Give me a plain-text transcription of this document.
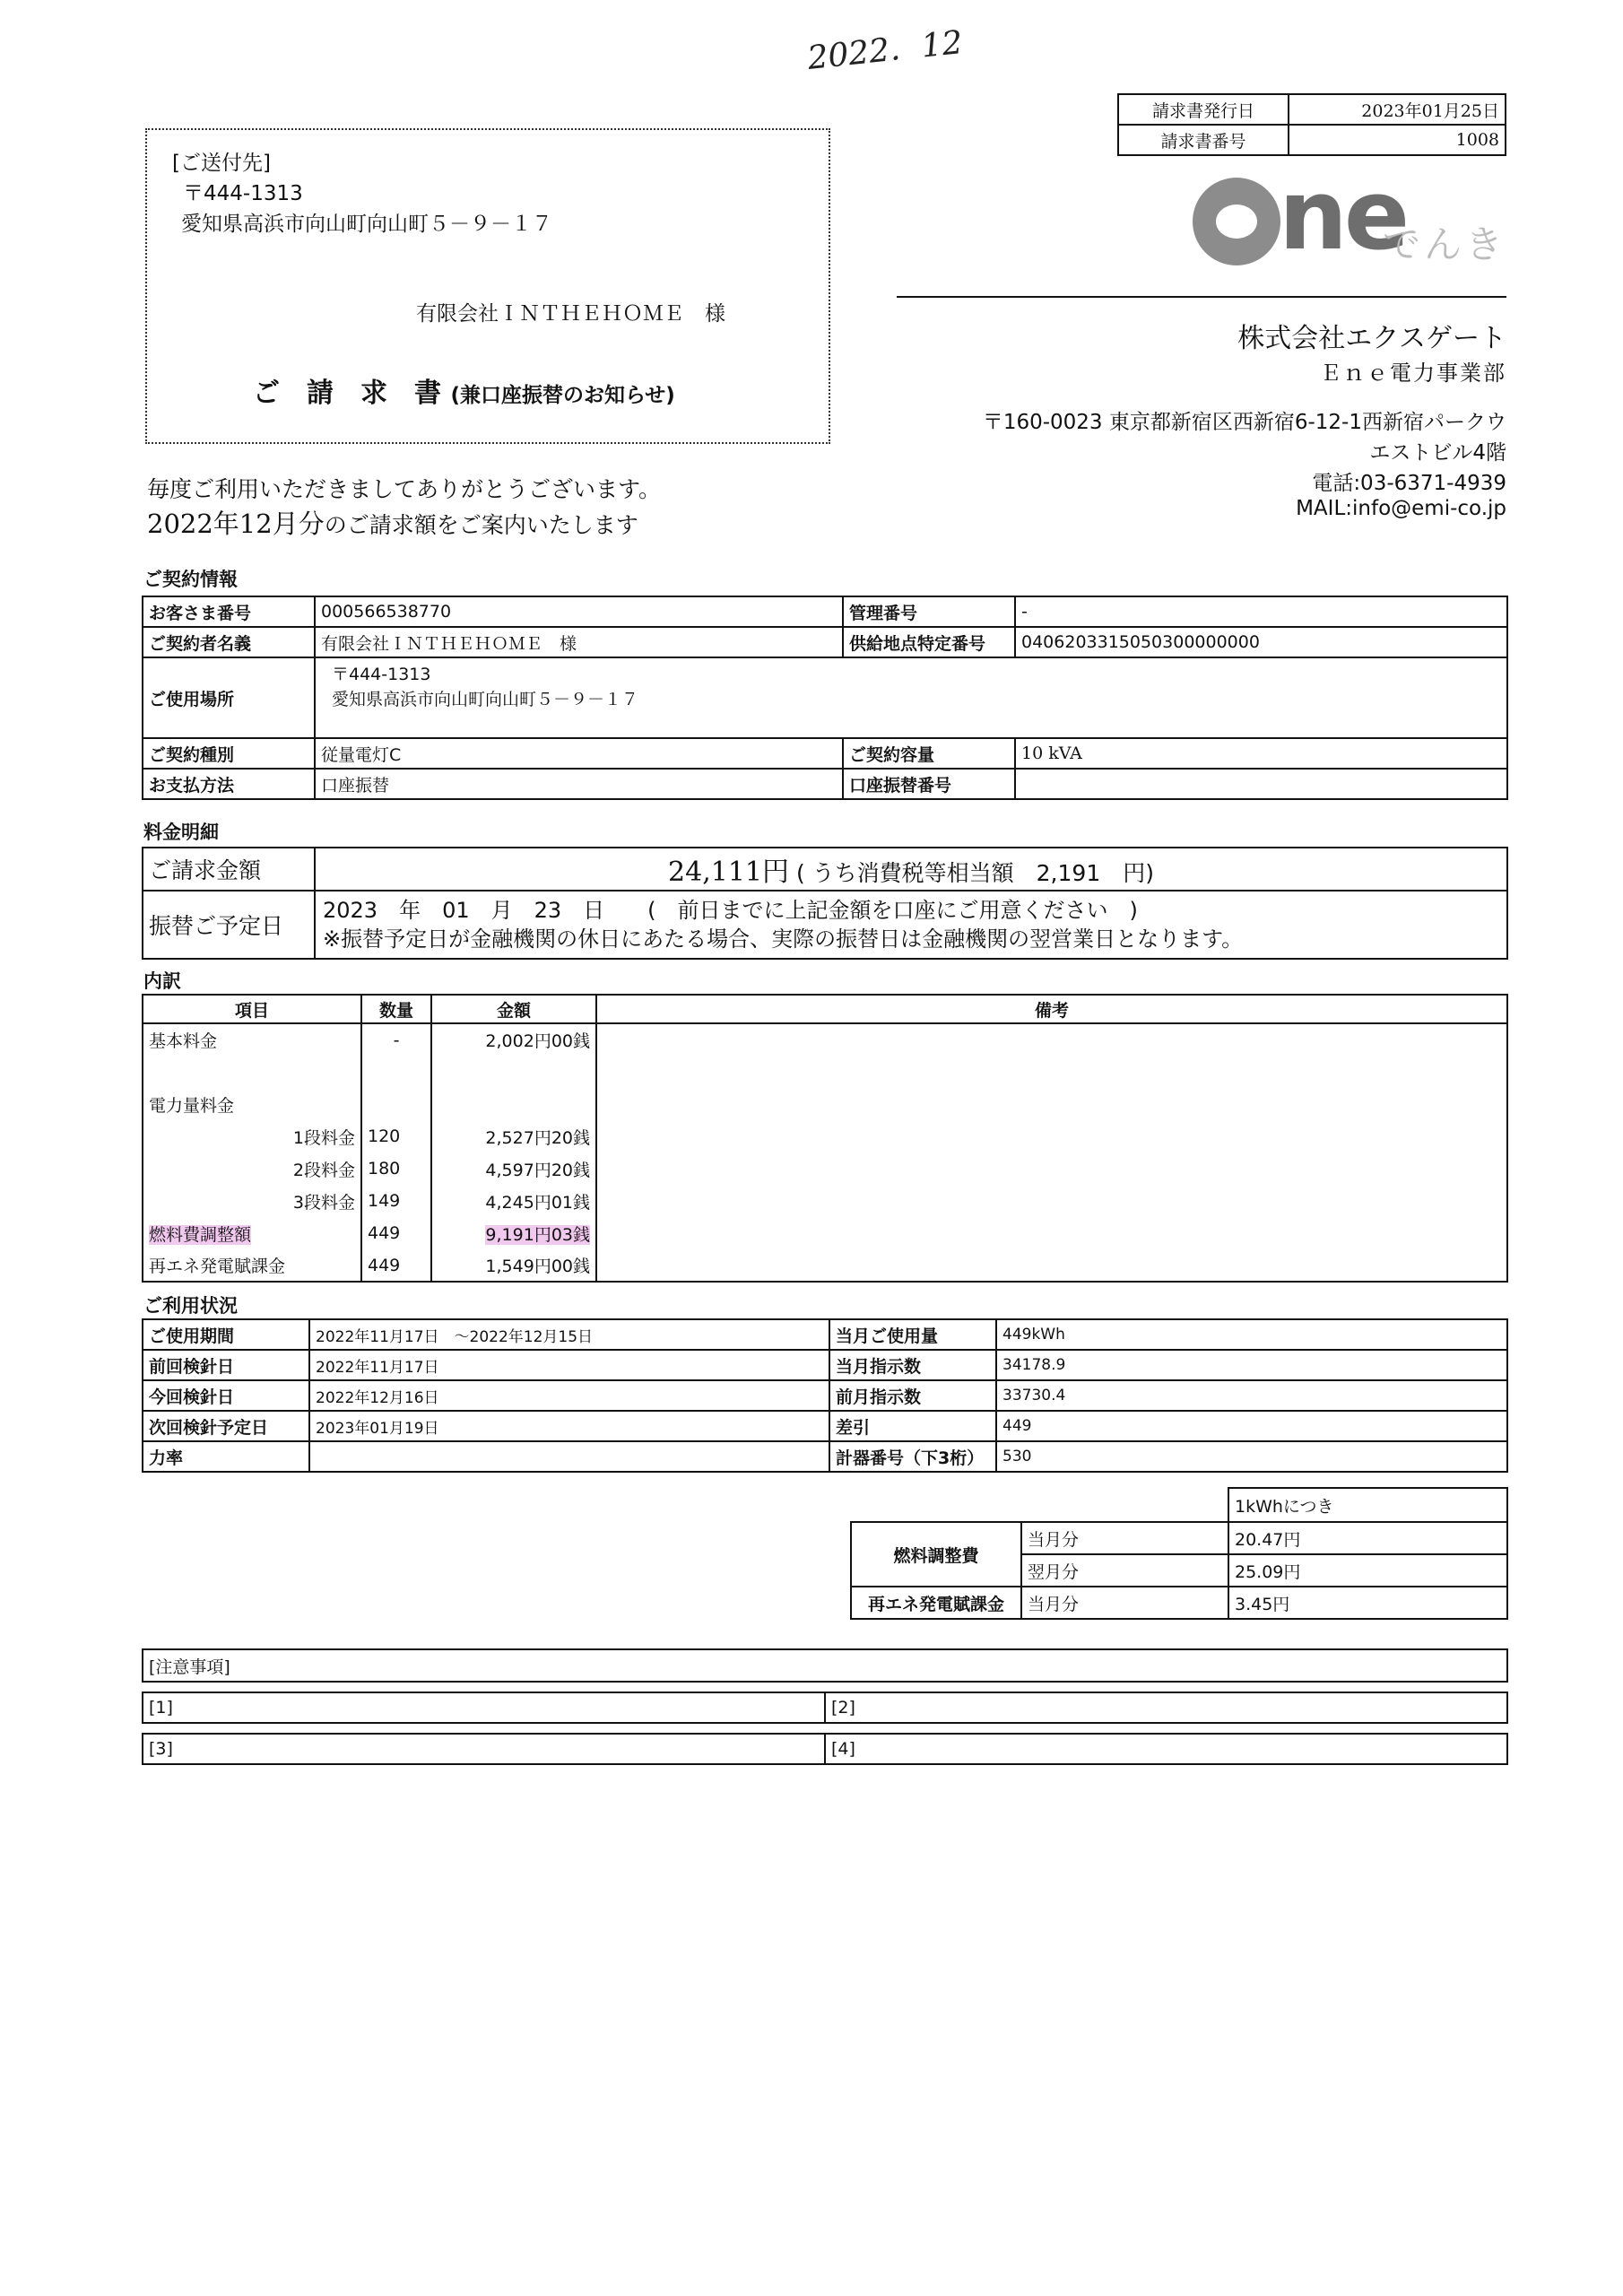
2022．12
請求書発行日	2023年01月25日
請求書番号	1008
[ご送付先]
〒444-1313
愛知県高浜市向山町向山町５－９－１７
有限会社ＩＮＴＨＥＨＯＭＥ　様
ご　請　求　書 (兼口座振替のお知らせ)
ne
でんき
株式会社エクスゲート
Ｅｎｅ電力事業部
〒160-0023 東京都新宿区西新宿6-12-1西新宿パークウ
エストビル4階
電話:03-6371-4939
MAIL:info@emi-co.jp
毎度ご利用いただきましてありがとうございます。
2022年12月分のご請求額をご案内いたします
ご契約情報
お客さま番号	000566538770	管理番号	-
ご契約者名義	有限会社ＩＮＴＨＥＨＯＭＥ　様	供給地点特定番号	0406203315050300000000
ご使用場所	〒444-1313
愛知県高浜市向山町向山町５－９－１７		

ご契約種別	従量電灯C	ご契約容量	10 kVA
お支払方法	口座振替	口座振替番号	
料金明細
ご請求金額	24,111円 ( うち消費税等相当額　2,191　円)
振替ご予定日	2023　年　01　月　23　日　　(　前日までに上記金額を口座にご用意ください　)
※振替予定日が金融機関の休日にあたる場合、実際の振替日は金融機関の翌営業日となります。
内訳
項目	数量	金額	備考
基本料金	-	2,002円00銭	

電力量料金			
1段料金	120	2,527円20銭	
2段料金	180	4,597円20銭	
3段料金	149	4,245円01銭	
燃料費調整額	449	9,191円03銭	
再エネ発電賦課金	449	1,549円00銭	
ご利用状況
ご使用期間	2022年11月17日　～2022年12月15日	当月ご使用量	449kWh
前回検針日	2022年11月17日	当月指示数	34178.9
今回検針日	2022年12月16日	前月指示数	33730.4
次回検針予定日	2023年01月19日	差引	449
力率		計器番号（下3桁）	530
		1kWhにつき
燃料調整費	当月分	20.47円
	翌月分	25.09円
再エネ発電賦課金	当月分	3.45円
[注意事項]	

[1]	[2]

[3]	[4]
